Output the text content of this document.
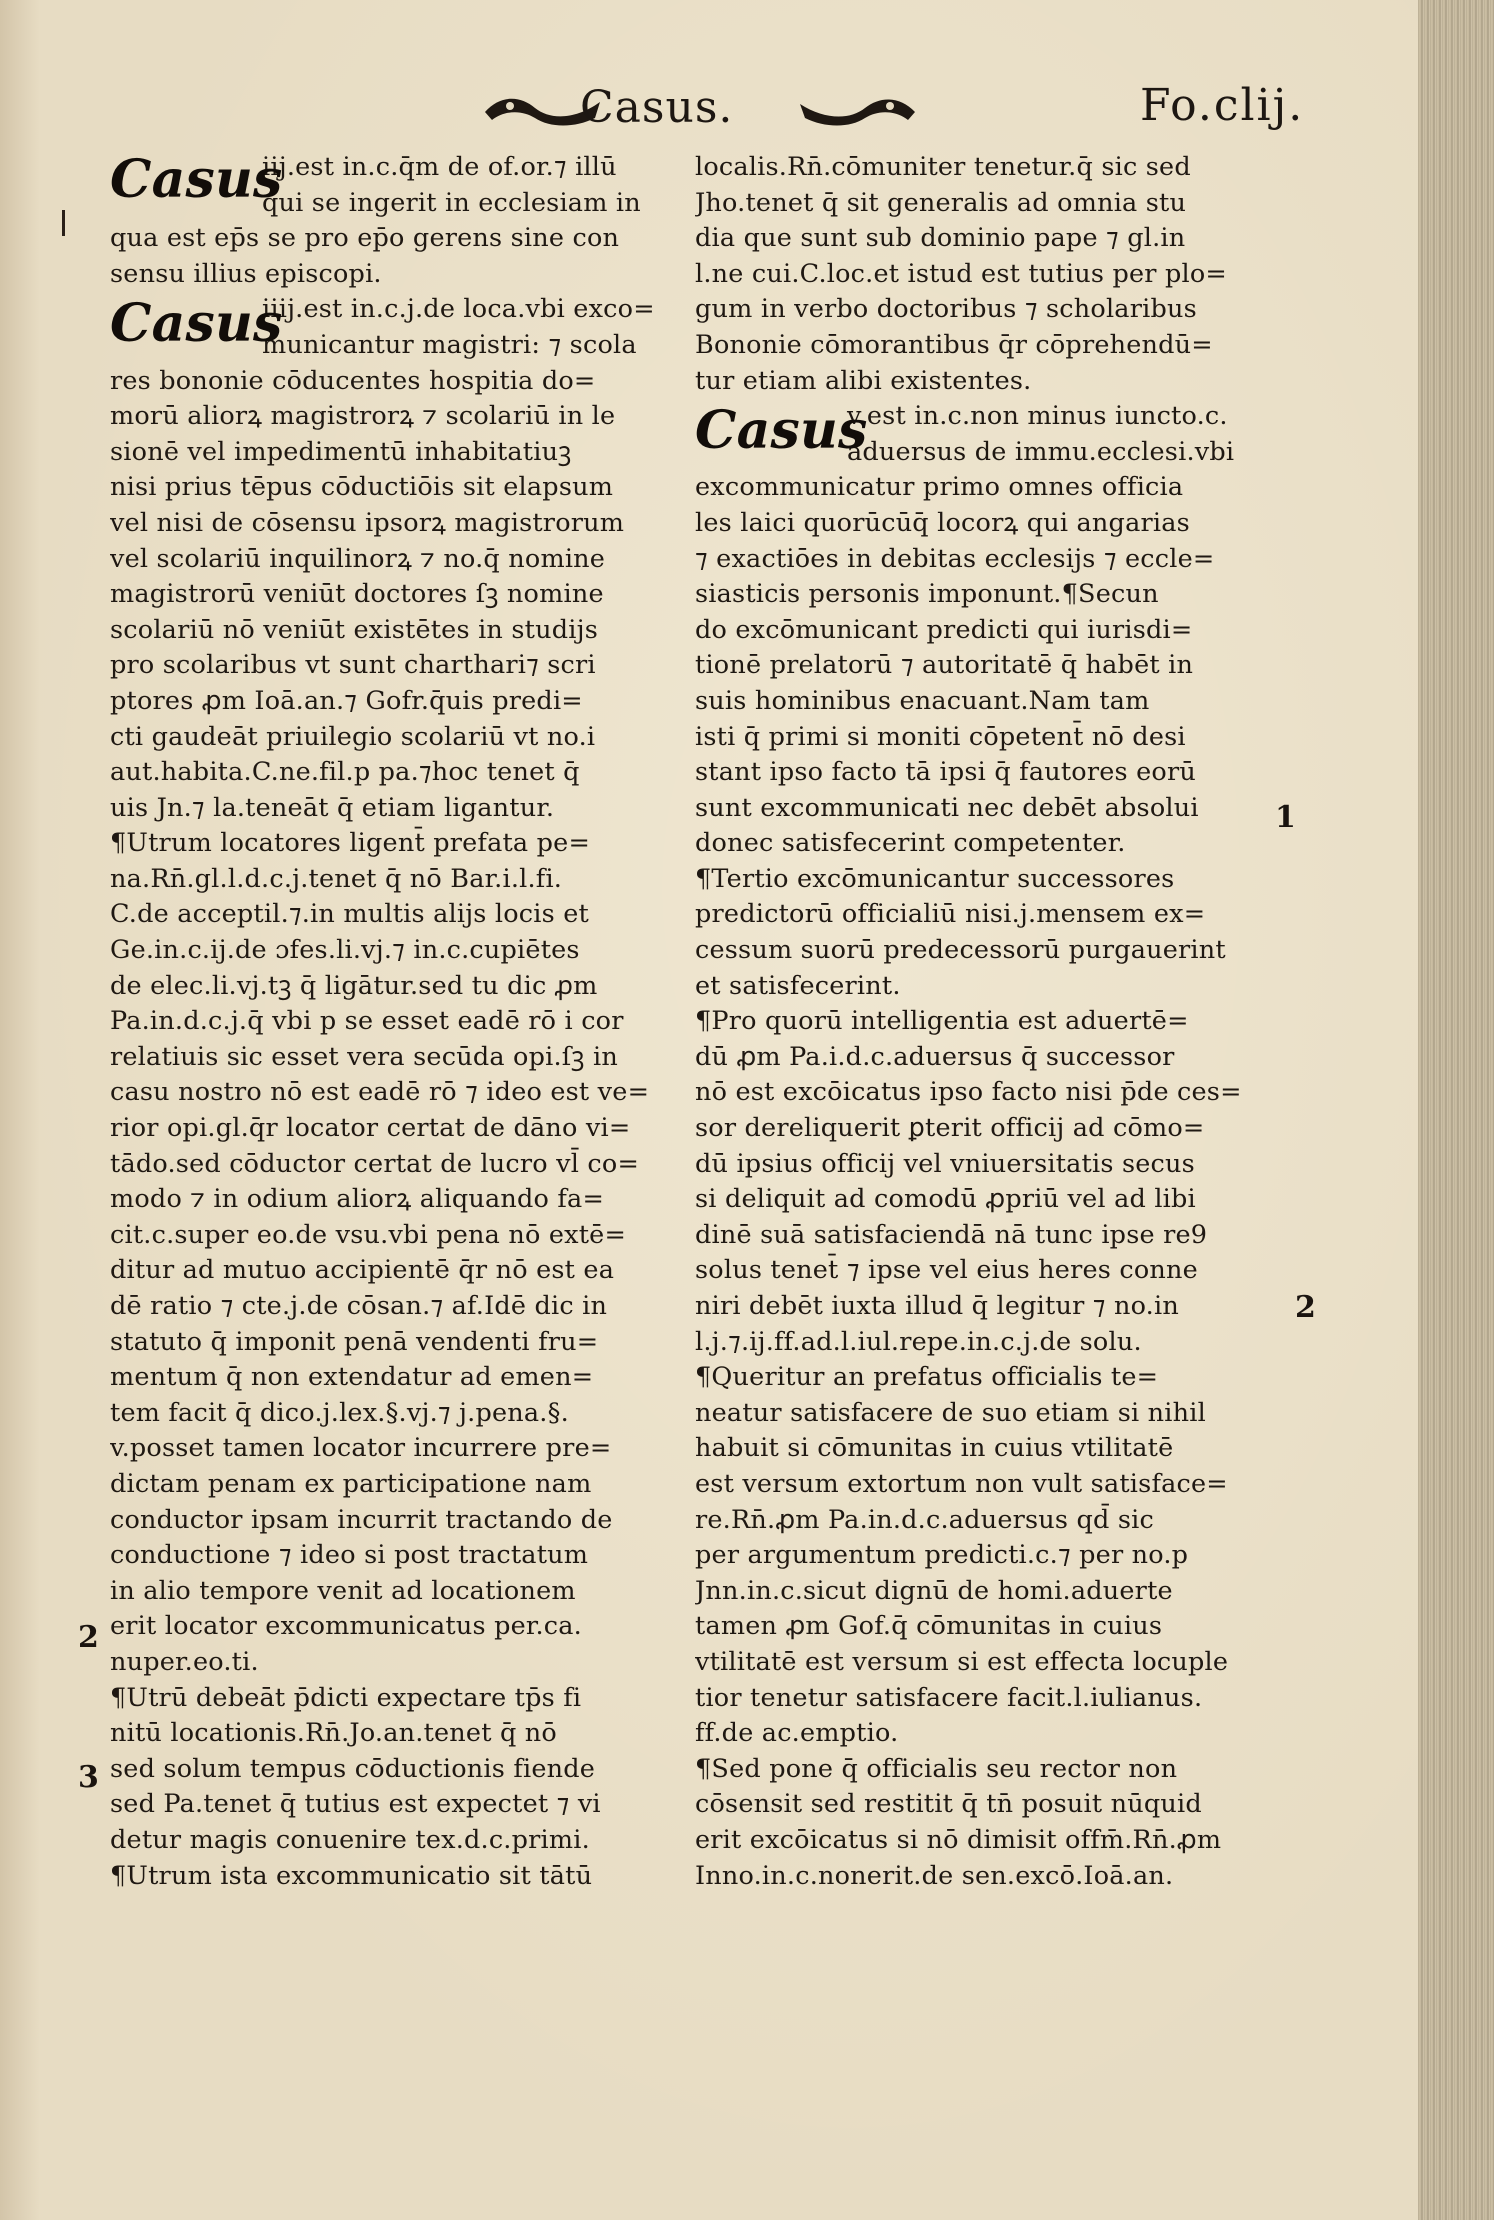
Casus.	Fo.clij.
Casus
iij.est in.c.q̄m de of.or.⁊ illū
qui se ingerit in ecclesiam in
qua est ep̄s se pro ep̄o gerens sine con
sensu illius episcopi.
Casus
iiij.est in.c.j.de loca.vbi exco=
municantur magistri: ⁊ scola
res bononie cōducentes hospitia do=
morū aliorꝝ magistrorꝝ ⁊ scolariū in le
sionē vel impedimentū inhabitatiuꝫ
nisi prius tēpus cōductiōis sit elapsum
vel nisi de cōsensu ipsorꝝ magistrorum
vel scolariū inquilinorꝝ ⁊ no.q̄ nomine
magistrorū veniūt doctores ſꝫ nomine
scolariū nō veniūt existētes in studijs
pro scolaribus vt sunt charthari⁊ scri
ptores ꝓm Ioā.an.⁊ Gofr.q̄uis predi=
cti gaudeāt priuilegio scolariū vt no.i
aut.habita.C.ne.fil.p pa.⁊hoc tenet q̄
uis Jn.⁊ la.teneāt q̄ etiam ligantur.
¶Utrum locatores ligent̄ prefata pe=
na.Rn̄.gl.l.d.c.j.tenet q̄ nō Bar.i.l.fi.
C.de acceptil.⁊.in multis alijs locis et
Ge.in.c.ij.de ɔfes.li.vj.⁊ in.c.cupiētes
de elec.li.vj.tꝫ q̄ ligātur.sed tu dic ꝓm
Pa.in.d.c.j.q̄ vbi p se esset eadē rō i cor
relatiuis sic esset vera secūda opi.ſꝫ in
casu nostro nō est eadē rō ⁊ ideo est ve=
rior opi.gl.q̄r locator certat de dāno vi=
tādo.sed cōductor certat de lucro vl̄ co=
modo ⁊ in odium aliorꝝ aliquando fa=
cit.c.super eo.de vsu.vbi pena nō extē=
ditur ad mutuo accipientē q̄r nō est ea
dē ratio ⁊ cte.j.de cōsan.⁊ af.Idē dic in
statuto q̄ imponit penā vendenti fru=
mentum q̄ non extendatur ad emen=
tem facit q̄ dico.j.lex.§.vj.⁊ j.pena.§.
v.posset tamen locator incurrere pre=
dictam penam ex participatione nam
conductor ipsam incurrit tractando de
conductione ⁊ ideo si post tractatum
in alio tempore venit ad locationem
erit locator excommunicatus per.ca.
nuper.eo.ti.
¶Utrū debeāt p̄dicti expectare tp̄s fi
nitū locationis.Rn̄.Jo.an.tenet q̄ nō
sed solum tempus cōductionis fiende
sed Pa.tenet q̄ tutius est expectet ⁊ vi
detur magis conuenire tex.d.c.primi.
¶Utrum ista excommunicatio sit tātū
2
3
localis.Rn̄.cōmuniter tenetur.q̄ sic sed
Jho.tenet q̄ sit generalis ad omnia stu
dia que sunt sub dominio pape ⁊ gl.in
l.ne cui.C.loc.et istud est tutius per plo=
gum in verbo doctoribus ⁊ scholaribus
Bononie cōmorantibus q̄r cōprehendū=
tur etiam alibi existentes.
Casus
v.est in.c.non minus iuncto.c.
aduersus de immu.ecclesi.vbi
excommunicatur primo omnes officia
les laici quorūcūq̄ locorꝝ qui angarias
⁊ exactiōes in debitas ecclesijs ⁊ eccle=
siasticis personis imponunt.¶Secun
do excōmunicant predicti qui iurisdi=
tionē prelatorū ⁊ autoritatē q̄ habēt in
suis hominibus enacuant.Nam tam
isti q̄ primi si moniti cōpetent̄ nō desi
stant ipso facto tā ipsi q̄ fautores eorū
sunt excommunicati nec debēt absolui
donec satisfecerint competenter.
¶Tertio excōmunicantur successores
predictorū officialiū nisi.j.mensem ex=
cessum suorū predecessorū purgauerint
et satisfecerint.
¶Pro quorū intelligentia est aduertē=
dū ꝓm Pa.i.d.c.aduersus q̄ successor
nō est excōicatus ipso facto nisi p̄de ces=
sor dereliquerit ꝑterit officij ad cōmo=
dū ipsius officij vel vniuersitatis secus
si deliquit ad comodū ꝓpriū vel ad libi
dinē suā satisfaciendā nā tunc ipse re9
solus tenet̄ ⁊ ipse vel eius heres conne
niri debēt iuxta illud q̄ legitur ⁊ no.in
l.j.⁊.ij.ff.ad.l.iul.repe.in.c.j.de solu.
¶Queritur an prefatus officialis te=
neatur satisfacere de suo etiam si nihil
habuit si cōmunitas in cuius vtilitatē
est versum extortum non vult satisface=
re.Rn̄.ꝓm Pa.in.d.c.aduersus qd̄ sic
per argumentum predicti.c.⁊ per no.p
Jnn.in.c.sicut dignū de homi.aduerte
tamen ꝓm Gof.q̄ cōmunitas in cuius
vtilitatē est versum si est effecta locuple
tior tenetur satisfacere facit.l.iulianus.
ff.de ac.emptio.
¶Sed pone q̄ officialis seu rector non
cōsensit sed restitit q̄ tn̄ posuit nūquid
erit excōicatus si nō dimisit offm̄.Rn̄.ꝓm
Inno.in.c.nonerit.de sen.excō.Ioā.an.
1
2
